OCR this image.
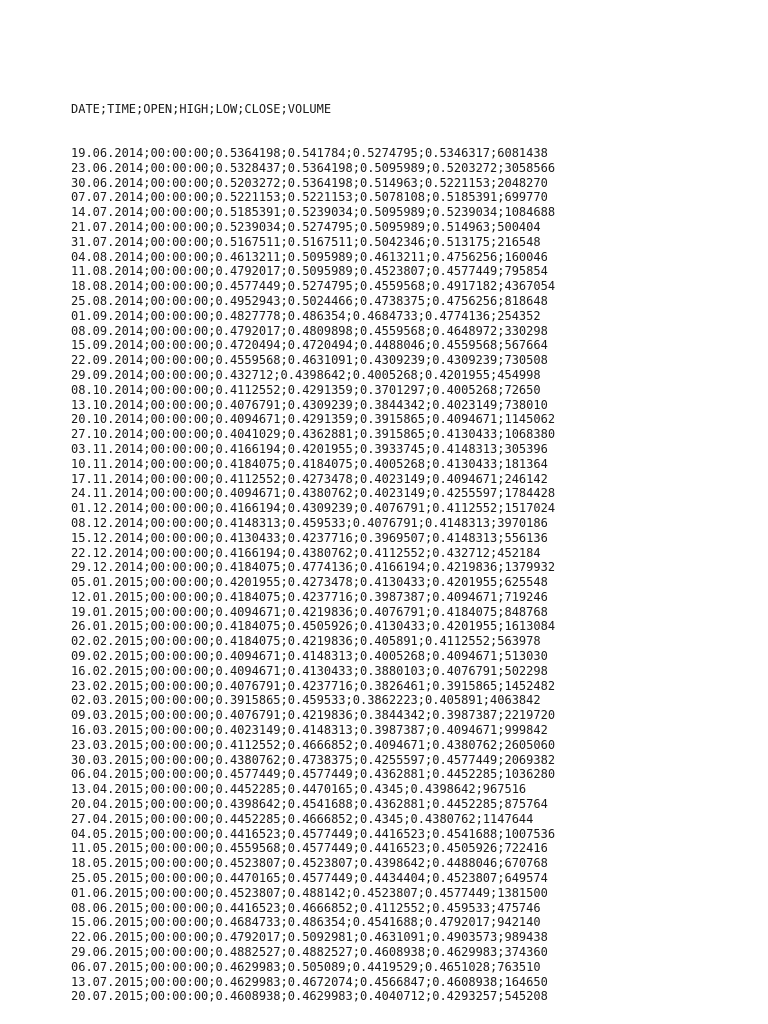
DATE;TIME;OPEN;HIGH;LOW;CLOSE;VOLUME

19.06.2014;00:00:00;0.5364198;0.541784;0.5274795;0.5346317;6081438
23.06.2014;00:00:00;0.5328437;0.5364198;0.5095989;0.5203272;3058566
30.06.2014;00:00:00;0.5203272;0.5364198;0.514963;0.5221153;2048270
07.07.2014;00:00:00;0.5221153;0.5221153;0.5078108;0.5185391;699770
14.07.2014;00:00:00;0.5185391;0.5239034;0.5095989;0.5239034;1084688
21.07.2014;00:00:00;0.5239034;0.5274795;0.5095989;0.514963;500404
31.07.2014;00:00:00;0.5167511;0.5167511;0.5042346;0.513175;216548
04.08.2014;00:00:00;0.4613211;0.5095989;0.4613211;0.4756256;160046
11.08.2014;00:00:00;0.4792017;0.5095989;0.4523807;0.4577449;795854
18.08.2014;00:00:00;0.4577449;0.5274795;0.4559568;0.4917182;4367054
25.08.2014;00:00:00;0.4952943;0.5024466;0.4738375;0.4756256;818648
01.09.2014;00:00:00;0.4827778;0.486354;0.4684733;0.4774136;254352
08.09.2014;00:00:00;0.4792017;0.4809898;0.4559568;0.4648972;330298
15.09.2014;00:00:00;0.4720494;0.4720494;0.4488046;0.4559568;567664
22.09.2014;00:00:00;0.4559568;0.4631091;0.4309239;0.4309239;730508
29.09.2014;00:00:00;0.432712;0.4398642;0.4005268;0.4201955;454998
08.10.2014;00:00:00;0.4112552;0.4291359;0.3701297;0.4005268;72650
13.10.2014;00:00:00;0.4076791;0.4309239;0.3844342;0.4023149;738010
20.10.2014;00:00:00;0.4094671;0.4291359;0.3915865;0.4094671;1145062
27.10.2014;00:00:00;0.4041029;0.4362881;0.3915865;0.4130433;1068380
03.11.2014;00:00:00;0.4166194;0.4201955;0.3933745;0.4148313;305396
10.11.2014;00:00:00;0.4184075;0.4184075;0.4005268;0.4130433;181364
17.11.2014;00:00:00;0.4112552;0.4273478;0.4023149;0.4094671;246142
24.11.2014;00:00:00;0.4094671;0.4380762;0.4023149;0.4255597;1784428
01.12.2014;00:00:00;0.4166194;0.4309239;0.4076791;0.4112552;1517024
08.12.2014;00:00:00;0.4148313;0.459533;0.4076791;0.4148313;3970186
15.12.2014;00:00:00;0.4130433;0.4237716;0.3969507;0.4148313;556136
22.12.2014;00:00:00;0.4166194;0.4380762;0.4112552;0.432712;452184
29.12.2014;00:00:00;0.4184075;0.4774136;0.4166194;0.4219836;1379932
05.01.2015;00:00:00;0.4201955;0.4273478;0.4130433;0.4201955;625548
12.01.2015;00:00:00;0.4184075;0.4237716;0.3987387;0.4094671;719246
19.01.2015;00:00:00;0.4094671;0.4219836;0.4076791;0.4184075;848768
26.01.2015;00:00:00;0.4184075;0.4505926;0.4130433;0.4201955;1613084
02.02.2015;00:00:00;0.4184075;0.4219836;0.405891;0.4112552;563978
09.02.2015;00:00:00;0.4094671;0.4148313;0.4005268;0.4094671;513030
16.02.2015;00:00:00;0.4094671;0.4130433;0.3880103;0.4076791;502298
23.02.2015;00:00:00;0.4076791;0.4237716;0.3826461;0.3915865;1452482
02.03.2015;00:00:00;0.3915865;0.459533;0.3862223;0.405891;4063842
09.03.2015;00:00:00;0.4076791;0.4219836;0.3844342;0.3987387;2219720
16.03.2015;00:00:00;0.4023149;0.4148313;0.3987387;0.4094671;999842
23.03.2015;00:00:00;0.4112552;0.4666852;0.4094671;0.4380762;2605060
30.03.2015;00:00:00;0.4380762;0.4738375;0.4255597;0.4577449;2069382
06.04.2015;00:00:00;0.4577449;0.4577449;0.4362881;0.4452285;1036280
13.04.2015;00:00:00;0.4452285;0.4470165;0.4345;0.4398642;967516
20.04.2015;00:00:00;0.4398642;0.4541688;0.4362881;0.4452285;875764
27.04.2015;00:00:00;0.4452285;0.4666852;0.4345;0.4380762;1147644
04.05.2015;00:00:00;0.4416523;0.4577449;0.4416523;0.4541688;1007536
11.05.2015;00:00:00;0.4559568;0.4577449;0.4416523;0.4505926;722416
18.05.2015;00:00:00;0.4523807;0.4523807;0.4398642;0.4488046;670768
25.05.2015;00:00:00;0.4470165;0.4577449;0.4434404;0.4523807;649574
01.06.2015;00:00:00;0.4523807;0.488142;0.4523807;0.4577449;1381500
08.06.2015;00:00:00;0.4416523;0.4666852;0.4112552;0.459533;475746
15.06.2015;00:00:00;0.4684733;0.486354;0.4541688;0.4792017;942140
22.06.2015;00:00:00;0.4792017;0.5092981;0.4631091;0.4903573;989438
29.06.2015;00:00:00;0.4882527;0.4882527;0.4608938;0.4629983;374360
06.07.2015;00:00:00;0.4629983;0.505089;0.4419529;0.4651028;763510
13.07.2015;00:00:00;0.4629983;0.4672074;0.4566847;0.4608938;164650
20.07.2015;00:00:00;0.4608938;0.4629983;0.4040712;0.4293257;545208
